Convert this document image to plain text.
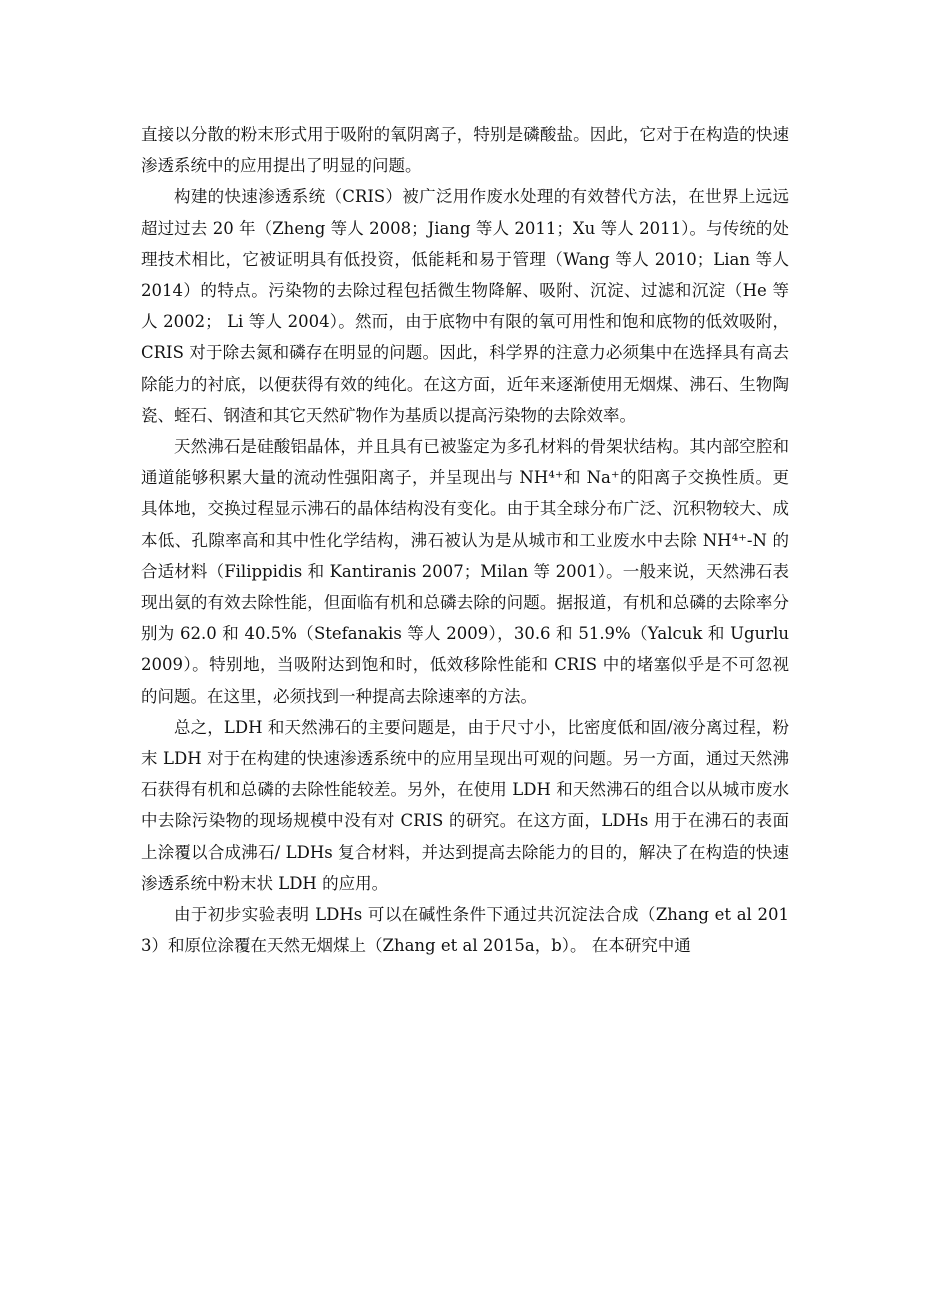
直接以分散的粉末形式用于吸附的氧阴离子，特别是磷酸盐。因此，它对于在构造的快速渗透系统中的应用提出了明显的问题。

构建的快速渗透系统（CRIS）被广泛用作废水处理的有效替代方法，在世界上远远超过过去 20 年（Zheng 等人 2008；Jiang 等人 2011；Xu 等人 2011）。与传统的处理技术相比，它被证明具有低投资，低能耗和易于管理（Wang 等人 2010；Lian 等人 2014）的特点。污染物的去除过程包括微生物降解、吸附、沉淀、过滤和沉淀（He 等人 2002； Li 等人 2004）。然而，由于底物中有限的氧可用性和饱和底物的低效吸附，CRIS 对于除去氮和磷存在明显的问题。因此，科学界的注意力必须集中在选择具有高去除能力的衬底，以便获得有效的纯化。在这方面，近年来逐渐使用无烟煤、沸石、生物陶瓷、蛭石、钢渣和其它天然矿物作为基质以提高污染物的去除效率。

天然沸石是硅酸铝晶体，并且具有已被鉴定为多孔材料的骨架状结构。其内部空腔和通道能够积累大量的流动性强阳离子，并呈现出与 NH⁴⁺和 Na⁺的阳离子交换性质。更具体地，交换过程显示沸石的晶体结构没有变化。由于其全球分布广泛、沉积物较大、成本低、孔隙率高和其中性化学结构，沸石被认为是从城市和工业废水中去除 NH⁴⁺-N 的合适材料（Filippidis 和 Kantiranis 2007；Milan 等 2001）。一般来说，天然沸石表现出氨的有效去除性能，但面临有机和总磷去除的问题。据报道，有机和总磷的去除率分别为 62.0 和 40.5%（Stefanakis 等人 2009），30.6 和 51.9%（Yalcuk 和 Ugurlu 2009）。特别地，当吸附达到饱和时，低效移除性能和 CRIS 中的堵塞似乎是不可忽视的问题。在这里，必须找到一种提高去除速率的方法。

总之，LDH 和天然沸石的主要问题是，由于尺寸小，比密度低和固/液分离过程，粉末 LDH 对于在构建的快速渗透系统中的应用呈现出可观的问题。另一方面，通过天然沸石获得有机和总磷的去除性能较差。另外，在使用 LDH 和天然沸石的组合以从城市废水中去除污染物的现场规模中没有对 CRIS 的研究。在这方面，LDHs 用于在沸石的表面上涂覆以合成沸石/ LDHs 复合材料，并达到提高去除能力的目的，解决了在构造的快速渗透系统中粉末状 LDH 的应用。

由于初步实验表明 LDHs 可以在碱性条件下通过共沉淀法合成（Zhang et al 2013）和原位涂覆在天然无烟煤上（Zhang et al 2015a，b）。 在本研究中通
